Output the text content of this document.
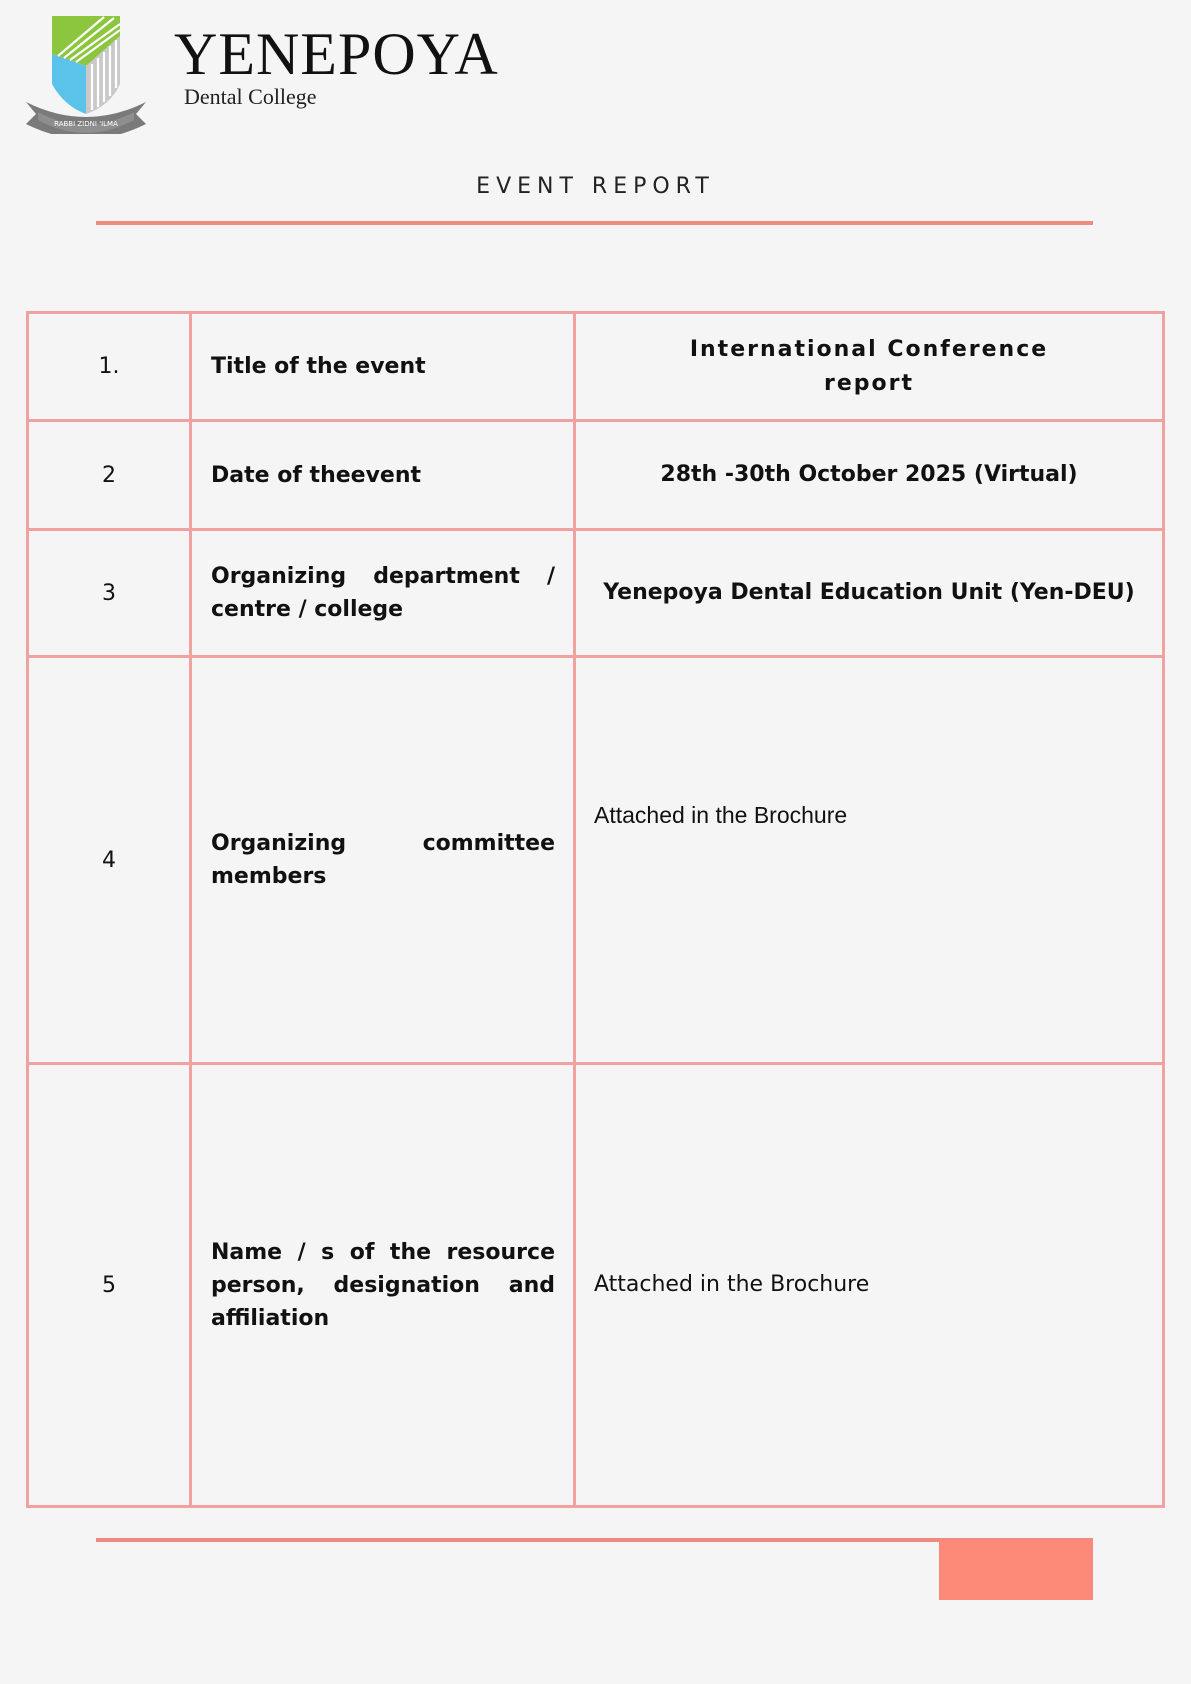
RABBI ZIDNI 'ILMA
YENEPOYA
Dental College
EVENT REPORT
1.	Title of the event	International Conference report

2	Date of theevent	28th -30th October 2025 (Virtual)
3	Organizing department / centre / college	Yenepoya Dental Education Unit (Yen-DEU)
4	Organizing committee members	Attached in the Brochure
5	Name / s of the resource person, designation and affiliation	Attached in the Brochure
